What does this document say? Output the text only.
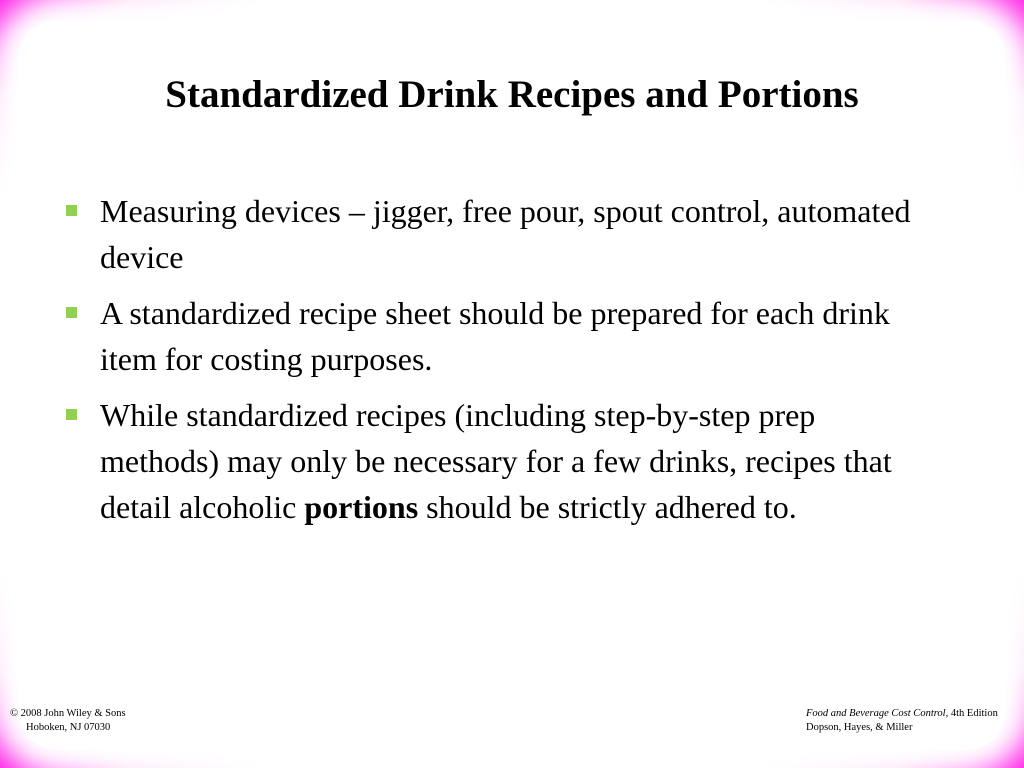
Standardized Drink Recipes and Portions
Measuring devices – jigger, free pour, spout control, automated device
A standardized recipe sheet should be prepared for each drink item for costing purposes.
While standardized recipes (including step-by-step prep methods) may only be necessary for a few drinks, recipes that detail alcoholic portions should be strictly adhered to.
© 2008 John Wiley & Sons
Hoboken, NJ 07030
Food and Beverage Cost Control, 4th Edition
Dopson, Hayes, & Miller
